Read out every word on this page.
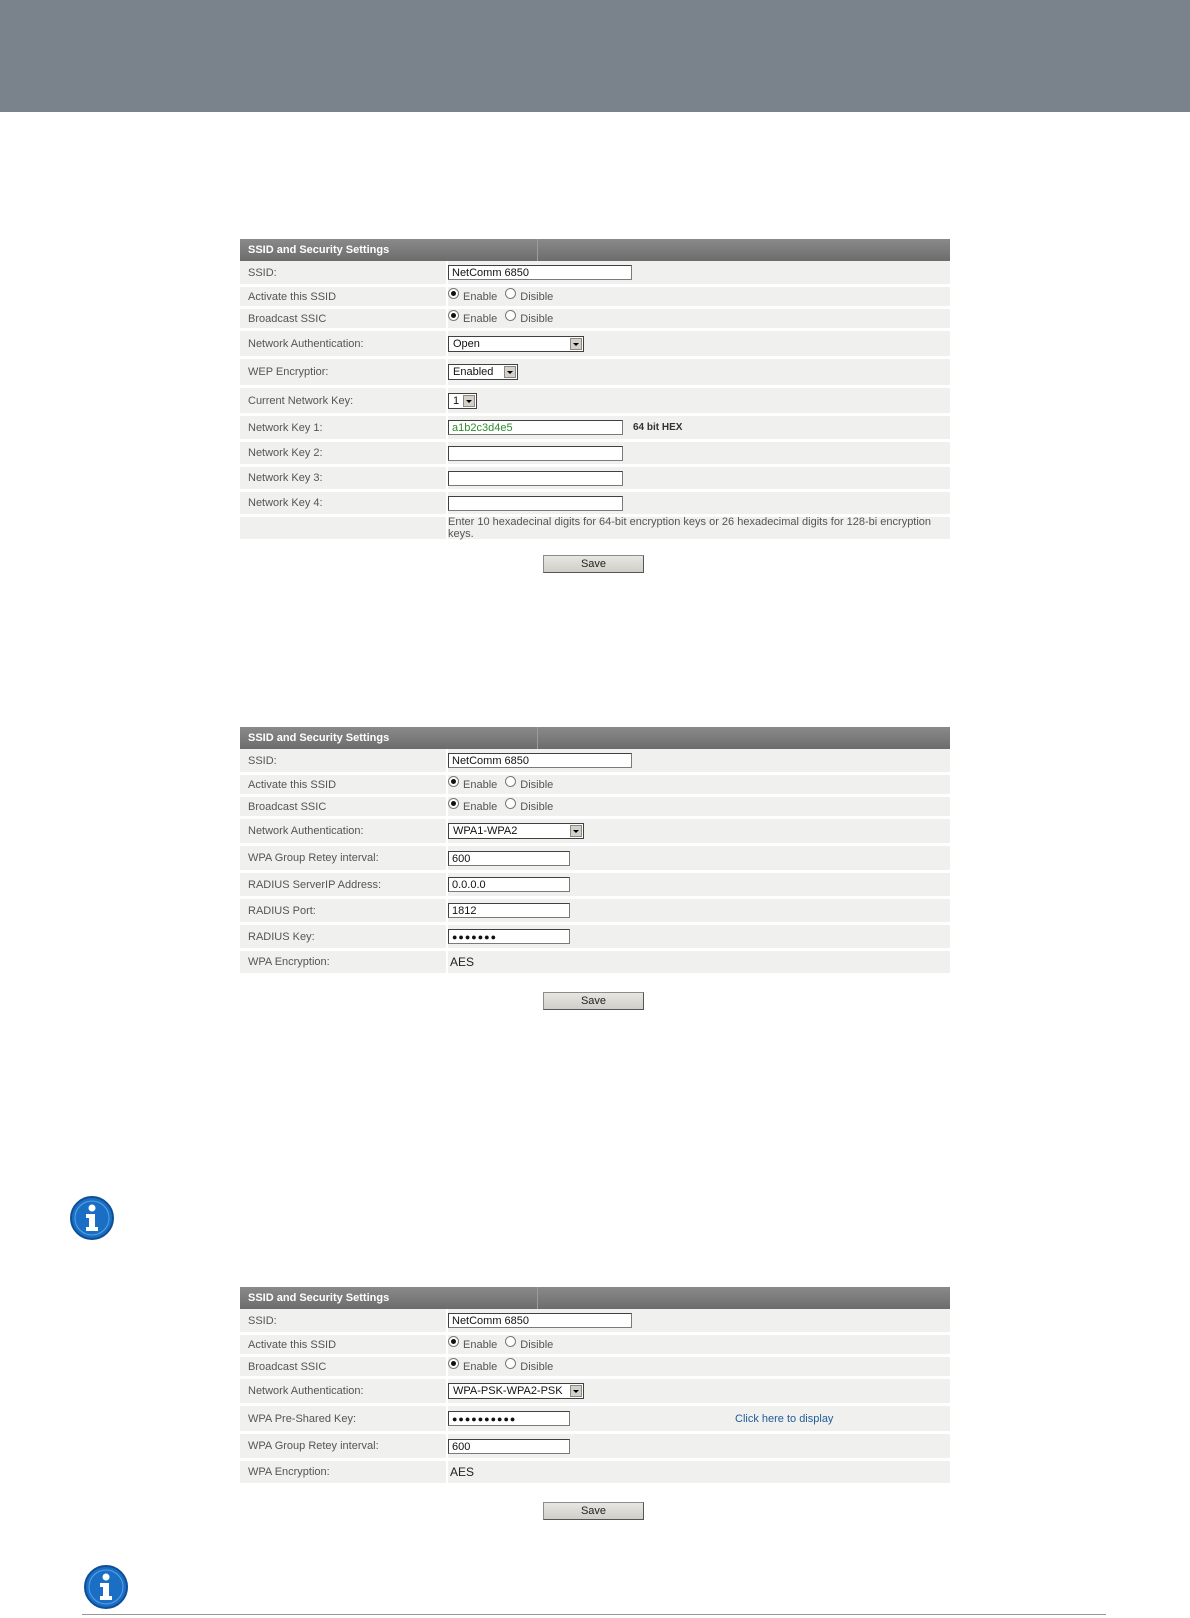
SSID and Security Settings
SSID:	NetComm 6850
Activate this SSID	Enable Disible
Broadcast SSIC	Enable Disible
Network Authentication:	Open
WEP Encryptior:	Enabled
Current Network Key:	1
Network Key 1:	a1b2c3d4e5	64 bit HEX
Network Key 2:
Network Key 3:
Network Key 4:
Enter 10 hexadecinal digits for 64-bit encryption keys or 26 hexadecimal digits for 128-bi encryption keys.
Save
SSID and Security Settings
SSID:	NetComm 6850
Activate this SSID	Enable Disible
Broadcast SSIC	Enable Disible
Network Authentication:	WPA1-WPA2
WPA Group Retey interval:	600
RADIUS ServerIP Address:	0.0.0.0
RADIUS Port:	1812
RADIUS Key:	●●●●●●●
WPA Encryption:	AES
Save
SSID and Security Settings
SSID:	NetComm 6850
Activate this SSID	Enable Disible
Broadcast SSIC	Enable Disible
Network Authentication:	WPA-PSK-WPA2-PSK
WPA Pre-Shared Key:	●●●●●●●●●●	Click here to display
WPA Group Retey interval:	600
WPA Encryption:	AES
Save
